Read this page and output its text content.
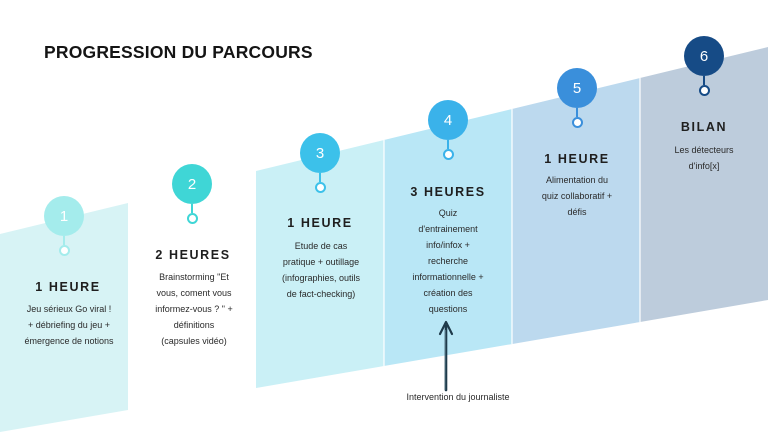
PROGRESSION DU PARCOURS
1
1 HEURE
Jeu sérieux Go viral !
+ débriefing du jeu +
émergence de notions
2
2 HEURES
Brainstorming "Et
vous, coment vous
informez-vous ? " +
définitions
(capsules vidéo)
3
1 HEURE
Etude de cas
pratique + outillage
(infographies, outils
de fact-checking)
4
3 HEURES
Quiz
d'entrainement
info/infox +
recherche
informationnelle +
création des
questions
5
1 HEURE
Alimentation du
quiz collaboratif +
défis
6
BILAN
Les détecteurs
d'info[x]
Intervention du journaliste
